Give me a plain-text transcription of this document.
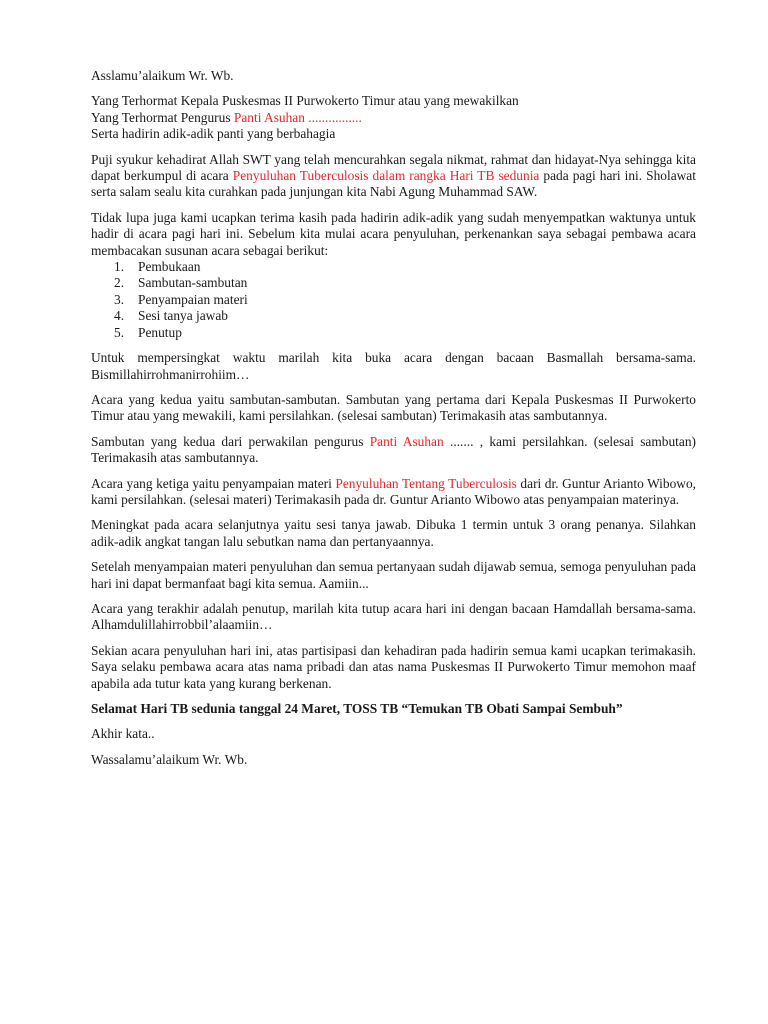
Asslamu’alaikum Wr. Wb.

Yang Terhormat Kepala Puskesmas II Purwokerto Timur atau yang mewakilkan
Yang Terhormat Pengurus Panti Asuhan ................
Serta hadirin adik-adik panti yang berbahagia

Puji syukur kehadirat Allah SWT yang telah mencurahkan segala nikmat, rahmat dan hidayat-Nya sehingga kita dapat berkumpul di acara Penyuluhan Tuberculosis dalam rangka Hari TB sedunia pada pagi hari ini. Sholawat serta salam sealu kita curahkan pada junjungan kita Nabi Agung Muhammad SAW.

Tidak lupa juga kami ucapkan terima kasih pada hadirin adik-adik yang sudah menyempatkan waktunya untuk hadir di acara pagi hari ini. Sebelum kita mulai acara penyuluhan, perkenankan saya sebagai pembawa acara membacakan susunan acara sebagai berikut:

1.	Pembukaan
2.	Sambutan-sambutan
3.	Penyampaian materi
4.	Sesi tanya jawab
5.	Penutup

Untuk mempersingkat waktu marilah kita buka acara dengan bacaan Basmallah bersama-sama. Bismillahirrohmanirrohiim…

Acara yang kedua yaitu sambutan-sambutan. Sambutan yang pertama dari Kepala Puskesmas II Purwokerto Timur atau yang mewakili, kami persilahkan. (selesai sambutan) Terimakasih atas sambutannya.

Sambutan yang kedua dari perwakilan pengurus Panti Asuhan ....... , kami persilahkan. (selesai sambutan) Terimakasih atas sambutannya.

Acara yang ketiga yaitu penyampaian materi Penyuluhan Tentang Tuberculosis dari dr. Guntur Arianto Wibowo, kami persilahkan. (selesai materi) Terimakasih pada dr. Guntur Arianto Wibowo atas penyampaian materinya.

Meningkat pada acara selanjutnya yaitu sesi tanya jawab. Dibuka 1 termin untuk 3 orang penanya. Silahkan adik-adik angkat tangan lalu sebutkan nama dan pertanyaannya.

Setelah menyampaian materi penyuluhan dan semua pertanyaan sudah dijawab semua, semoga penyuluhan pada hari ini dapat bermanfaat bagi kita semua. Aamiin...

Acara yang terakhir adalah penutup, marilah kita tutup acara hari ini dengan bacaan Hamdallah bersama-sama. Alhamdulillahirrobbil’alaamiin…

Sekian acara penyuluhan hari ini, atas partisipasi dan kehadiran pada hadirin semua kami ucapkan terimakasih. Saya selaku pembawa acara atas nama pribadi dan atas nama Puskesmas II Purwokerto Timur memohon maaf apabila ada tutur kata yang kurang berkenan.

Selamat Hari TB sedunia tanggal 24 Maret, TOSS TB “Temukan TB Obati Sampai Sembuh”

Akhir kata..

Wassalamu’alaikum Wr. Wb.
